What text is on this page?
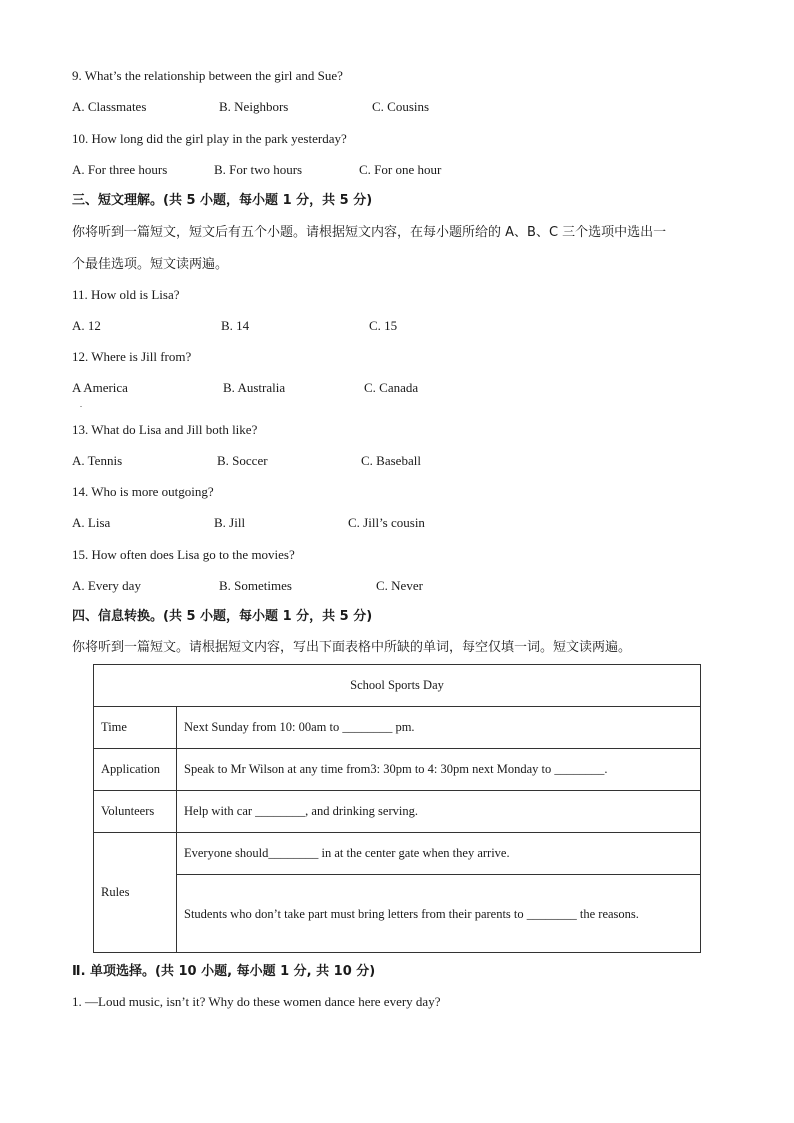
9. What’s the relationship between the girl and Sue?
A. Classmates	B. Neighbors	C. Cousins
10. How long did the girl play in the park yesterday?
A. For three hours	B. For two hours	C. For one hour
三、短文理解。(共 5 小题，每小题 1 分，共 5 分)
你将听到一篇短文，短文后有五个小题。请根据短文内容，在每小题所给的 A、B、C 三个选项中选出一
个最佳选项。短文读两遍。
11. How old is Lisa?
A. 12	B. 14	C. 15
12. Where is Jill from?
A America
.
B. Australia	C. Canada
13. What do Lisa and Jill both like?
A. Tennis	B. Soccer	C. Baseball
14. Who is more outgoing?
A. Lisa	B. Jill	C. Jill’s cousin
15. How often does Lisa go to the movies?
A. Every day	B. Sometimes	C. Never
四、信息转换。(共 5 小题，每小题 1 分，共 5 分)
你将听到一篇短文。请根据短文内容，写出下面表格中所缺的单词，每空仅填一词。短文读两遍。
School Sports Day	
Time	Next Sunday from 10: 00am to ________ pm.
Application	Speak to Mr Wilson at any time from3: 30pm to 4: 30pm next Monday to ________.
Volunteers	Help with car ________, and drinking serving.
Rules	Everyone should________ in at the center gate when they arrive.
	Students who don’t take part must bring letters from their parents to ________ the reasons.
Ⅱ. 单项选择。(共 10 小题, 每小题 1 分, 共 10 分)
1. —Loud music, isn’t it? Why do these women dance here every day?
